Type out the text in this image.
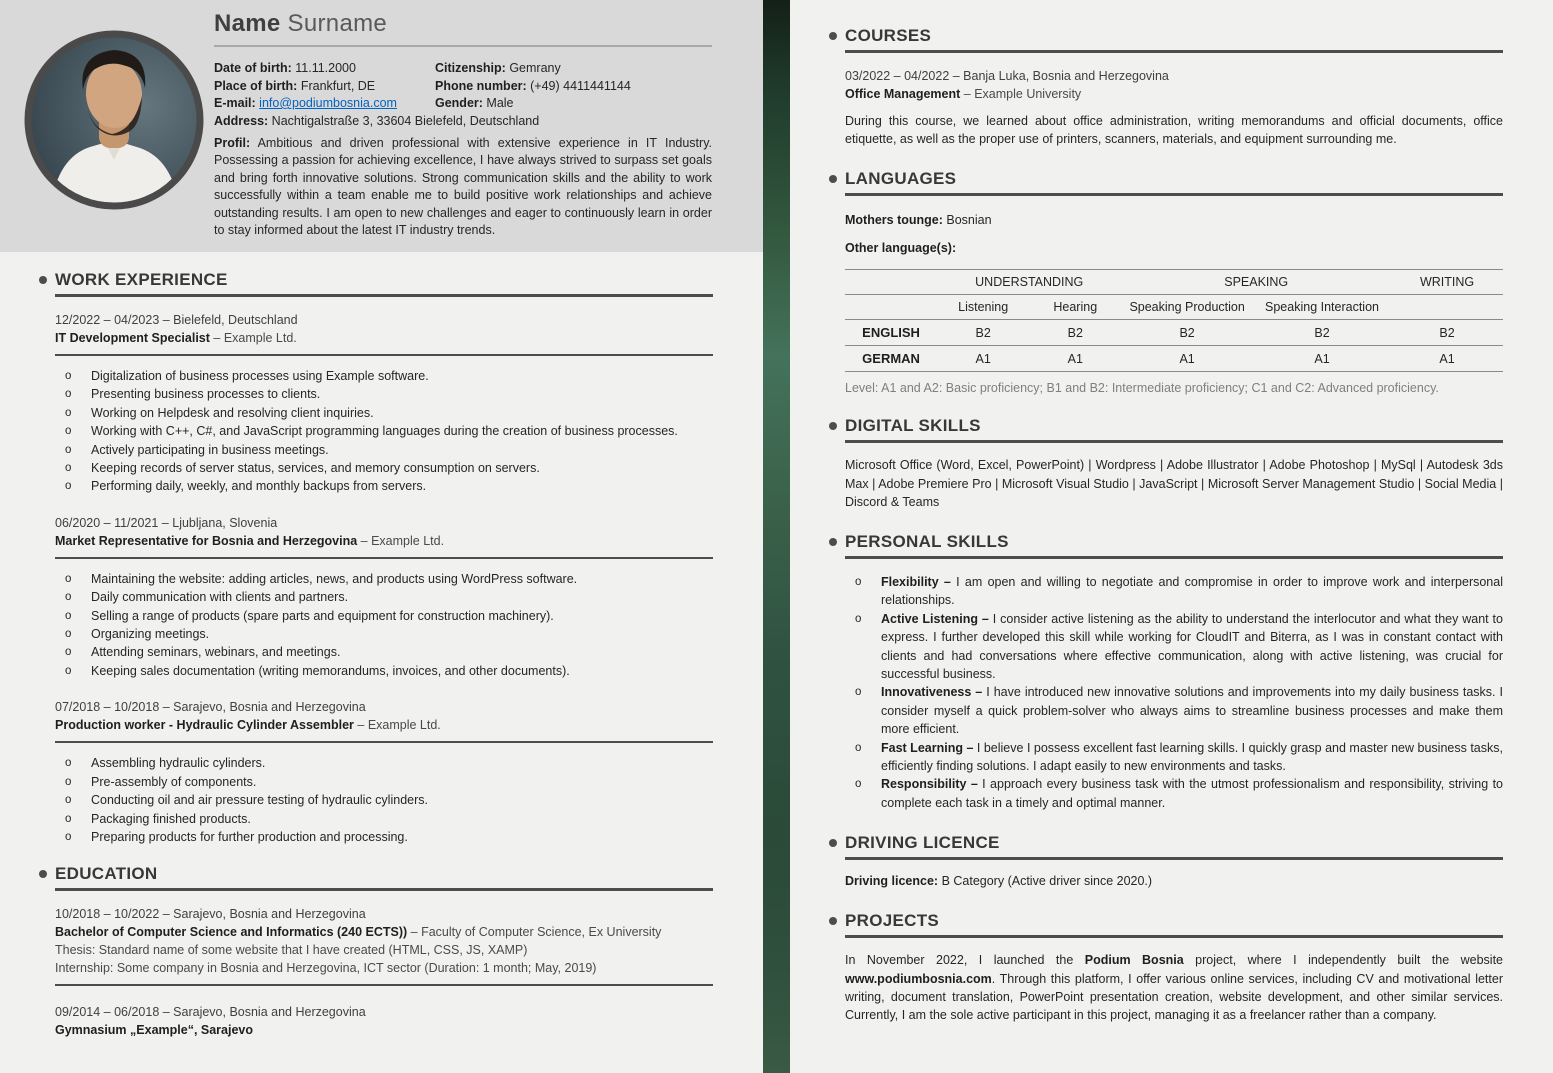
Name Surname
Date of birth: 11.11.2000	Citizenship: Gemrany
Place of birth: Frankfurt, DE	Phone number: (+49) 4411441144
E-mail: info@podiumbosnia.com	Gender: Male
Address: Nachtigalstraße 3, 33604 Bielefeld, Deutschland
Profil: Ambitious and driven professional with extensive experience in IT Industry. Possessing a passion for achieving excellence, I have always strived to surpass set goals and bring forth innovative solutions. Strong communication skills and the ability to work successfully within a team enable me to build positive work relationships and achieve outstanding results. I am open to new challenges and eager to continuously learn in order to stay informed about the latest IT industry trends.
WORK EXPERIENCE
12/2022 – 04/2023 – Bielefeld, Deutschland
IT Development Specialist – Example Ltd.
o Digitalization of business processes using Example software.
o Presenting business processes to clients.
o Working on Helpdesk and resolving client inquiries.
o Working with C++, C#, and JavaScript programming languages during the creation of business processes.
o Actively participating in business meetings.
o Keeping records of server status, services, and memory consumption on servers.
o Performing daily, weekly, and monthly backups from servers.
06/2020 – 11/2021 – Ljubljana, Slovenia
Market Representative for Bosnia and Herzegovina – Example Ltd.
o Maintaining the website: adding articles, news, and products using WordPress software.
o Daily communication with clients and partners.
o Selling a range of products (spare parts and equipment for construction machinery).
o Organizing meetings.
o Attending seminars, webinars, and meetings.
o Keeping sales documentation (writing memorandums, invoices, and other documents).
07/2018 – 10/2018 – Sarajevo, Bosnia and Herzegovina
Production worker - Hydraulic Cylinder Assembler – Example Ltd.
o Assembling hydraulic cylinders.
o Pre-assembly of components.
o Conducting oil and air pressure testing of hydraulic cylinders.
o Packaging finished products.
o Preparing products for further production and processing.
EDUCATION
10/2018 – 10/2022 – Sarajevo, Bosnia and Herzegovina
Bachelor of Computer Science and Informatics (240 ECTS)) – Faculty of Computer Science, Ex University
Thesis: Standard name of some website that I have created (HTML, CSS, JS, XAMP)
Internship: Some company in Bosnia and Herzegovina, ICT sector (Duration: 1 month; May, 2019)
09/2014 – 06/2018 – Sarajevo, Bosnia and Herzegovina
Gymnasium „Example“, Sarajevo
COURSES
03/2022 – 04/2022 – Banja Luka, Bosnia and Herzegovina
Office Management – Example University
During this course, we learned about office administration, writing memorandums and official documents, office etiquette, as well as the proper use of printers, scanners, materials, and equipment surrounding me.
LANGUAGES
Mothers tounge: Bosnian
Other language(s):
	UNDERSTANDING		SPEAKING		WRITING
	Listening	Hearing	Speaking Production	Speaking Interaction	
ENGLISH	B2	B2	B2	B2	B2
GERMAN	A1	A1	A1	A1	A1
Level: A1 and A2: Basic proficiency; B1 and B2: Intermediate proficiency; C1 and C2: Advanced proficiency.
DIGITAL SKILLS
Microsoft Office (Word, Excel, PowerPoint) | Wordpress | Adobe Illustrator | Adobe Photoshop | MySql | Autodesk 3ds Max | Adobe Premiere Pro | Microsoft Visual Studio | JavaScript | Microsoft Server Management Studio | Social Media | Discord & Teams
PERSONAL SKILLS
o Flexibility – I am open and willing to negotiate and compromise in order to improve work and interpersonal relationships.
o Active Listening – I consider active listening as the ability to understand the interlocutor and what they want to express. I further developed this skill while working for CloudIT and Biterra, as I was in constant contact with clients and had conversations where effective communication, along with active listening, was crucial for successful business.
o Innovativeness – I have introduced new innovative solutions and improvements into my daily business tasks. I consider myself a quick problem-solver who always aims to streamline business processes and make them more efficient.
o Fast Learning – I believe I possess excellent fast learning skills. I quickly grasp and master new business tasks, efficiently finding solutions. I adapt easily to new environments and tasks.
o Responsibility – I approach every business task with the utmost professionalism and responsibility, striving to complete each task in a timely and optimal manner.
DRIVING LICENCE
Driving licence: B Category (Active driver since 2020.)
PROJECTS
In November 2022, I launched the Podium Bosnia project, where I independently built the website www.podiumbosnia.com. Through this platform, I offer various online services, including CV and motivational letter writing, document translation, PowerPoint presentation creation, website development, and other similar services. Currently, I am the sole active participant in this project, managing it as a freelancer rather than a company.
